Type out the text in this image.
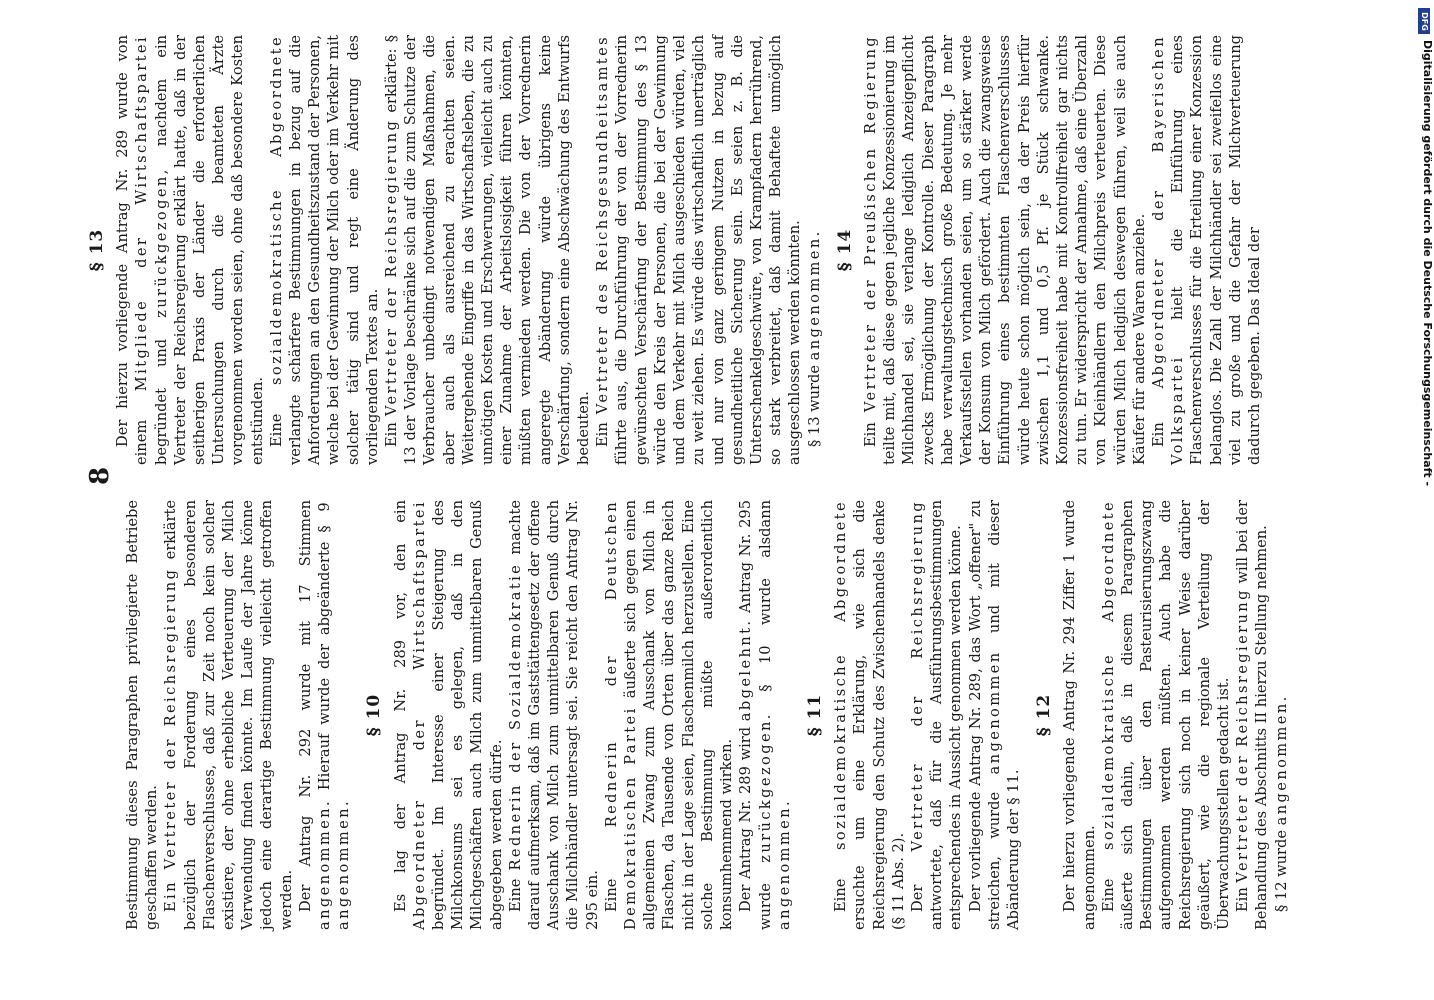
8

Bestimmung dieses Paragraphen privilegierte Betriebe geschaffen werden. Ein Vertreter der Reichsregierung erklärte bezüglich der Forderung eines besonderen Flaschenverschlusses, daß zur Zeit noch kein solcher existiere, der ohne erhebliche Verteuerung der Milch Verwendung finden könnte. Im Laufe der Jahre könne jedoch eine derartige Bestimmung vielleicht getroffen werden. Der Antrag Nr. 292 wurde mit 17 Stimmen angenommen. Hierauf wurde der abgeänderte § 9 angenommen.

§ 10 Es lag der Antrag Nr. 289 vor, den ein Abgeordneter der Wirtschaftspartei begründet. Im Interesse einer Steigerung des Milchkonsums sei es gelegen, daß in den Milchgeschäften auch Milch zum unmittelbaren Genuß abgegeben werden dürfe. Eine Rednerin der Sozialdemokratie machte darauf aufmerksam, daß im Gaststättengesetz der offene Ausschank von Milch zum unmittelbaren Genuß durch die Milchhändler untersagt sei. Sie reicht den Antrag Nr. 295 ein. Eine Rednerin der Deutschen Demokratischen Partei äußerte sich gegen einen allgemeinen Zwang zum Ausschank von Milch in Flaschen, da Tausende von Orten über das ganze Reich nicht in der Lage seien, Flaschenmilch herzustellen. Eine solche Bestimmung müßte außerordentlich konsumhemmend wirken. Der Antrag Nr. 289 wird abgelehnt. Antrag Nr. 295 wurde zurückgezogen. § 10 wurde alsdann angenommen.

§ 11

Eine sozialdemokratische Abgeordnete ersuchte um eine Erklärung, wie sich die Reichsregierung den Schutz des Zwischenhandels denke (§ 11 Abs. 2). Der Vertreter der Reichsregierung antwortete, daß für die Ausführungsbestimmungen entsprechendes in Aussicht genommen werden könne. Der vorliegende Antrag Nr. 289, das Wort „offener" zu streichen, wurde angenommen und mit dieser Abänderung der § 11.

§ 12 Der hierzu vorliegende Antrag Nr. 294 Ziffer 1 wurde angenommen. Eine sozialdemokratische Abgeordnete äußerte sich dahin, daß in diesem Paragraphen Bestimmungen über den Pasteurisierungszwang aufgenommen werden müßten. Auch habe die Reichsregierung sich noch in keiner Weise darüber geäußert, wie die regionale Verteilung der Überwachungsstellen gedacht ist. Ein Vertreter der Reichsregierung will bei der Behandlung des Abschnitts II hierzu Stellung nehmen. § 12 wurde angenommen.

§ 13 Der hierzu vorliegende Antrag Nr. 289 wurde von einem Mitgliede der Wirtschaftspartei begründet und zurückgezogen, nachdem ein Vertreter der Reichsregierung erklärt hatte, daß in der seitherigen Praxis der Länder die erforderlichen Untersuchungen durch die beamteten Ärzte vorgenommen worden seien, ohne daß besondere Kosten entstünden. Eine sozialdemokratische Abgeordnete verlangte schärfere Bestimmungen in bezug auf die Anforderungen an den Gesundheitszustand der Personen, welche bei der Gewinnung der Milch oder im Verkehr mit solcher tätig sind und regt eine Änderung des vorliegenden Textes an. Ein Vertreter der Reichsregierung erklärte: § 13 der Vorlage beschränke sich auf die zum Schutze der Verbraucher unbedingt notwendigen Maßnahmen, die aber auch als ausreichend zu erachten seien. Weitergehende Eingriffe in das Wirtschaftsleben, die zu unnötigen Kosten und Erschwerungen, vielleicht auch zu einer Zunahme der Arbeitslosigkeit führen könnten, müßten vermieden werden. Die von der Vorrednerin angeregte Abänderung würde übrigens keine Verschärfung, sondern eine Abschwächung des Entwurfs bedeuten. Ein Vertreter des Reichsgesundheitsamtes führte aus, die Durchführung der von der Vorrednerin gewünschten Verschärfung der Bestimmung des § 13 würde den Kreis der Personen, die bei der Gewinnung und dem Verkehr mit Milch ausgeschieden würden, viel zu weit ziehen. Es würde dies wirtschaftlich unerträglich und nur von ganz geringem Nutzen in bezug auf gesundheitliche Sicherung sein. Es seien z. B. die Unterschenkelgeschwüre, von Krampfadern herrührend, so stark verbreitet, daß damit Behaftete unmöglich ausgeschlossen werden könnten. § 13 wurde angenommen. § 14

Ein Vertreter der Preußischen Regierung teilte mit, daß diese gegen jegliche Konzessionierung im Milchhandel sei, sie verlange lediglich Anzeigepflicht zwecks Ermöglichung der Kontrolle. Dieser Paragraph habe verwaltungstechnisch große Bedeutung. Je mehr Verkaufsstellen vorhanden seien, um so stärker werde der Konsum von Milch gefördert. Auch die zwangsweise Einführung eines bestimmten Flaschenverschlusses würde heute schon möglich sein, da der Preis hierfür zwischen 1,1 und 0,5 Pf. je Stück schwanke. Konzessionsfreiheit habe mit Kontrollfreiheit gar nichts zu tun. Er widerspricht der Annahme, daß eine Überzahl von Kleinhändlern den Milchpreis verteuerten. Diese würden Milch lediglich deswegen führen, weil sie auch Käufer für andere Waren anziehe. Ein Abgeordneter der Bayerischen Volkspartei hielt die Einführung eines Flaschenverschlusses für die Erteilung einer Konzession belanglos. Die Zahl der Milchhändler sei zweifellos eine viel zu große und die Gefahr der Milchverteuerung dadurch gegeben. Das Ideal der

DFG
Digitalisierung gefördert durch die Deutsche Forschungsgemeinschaft -
